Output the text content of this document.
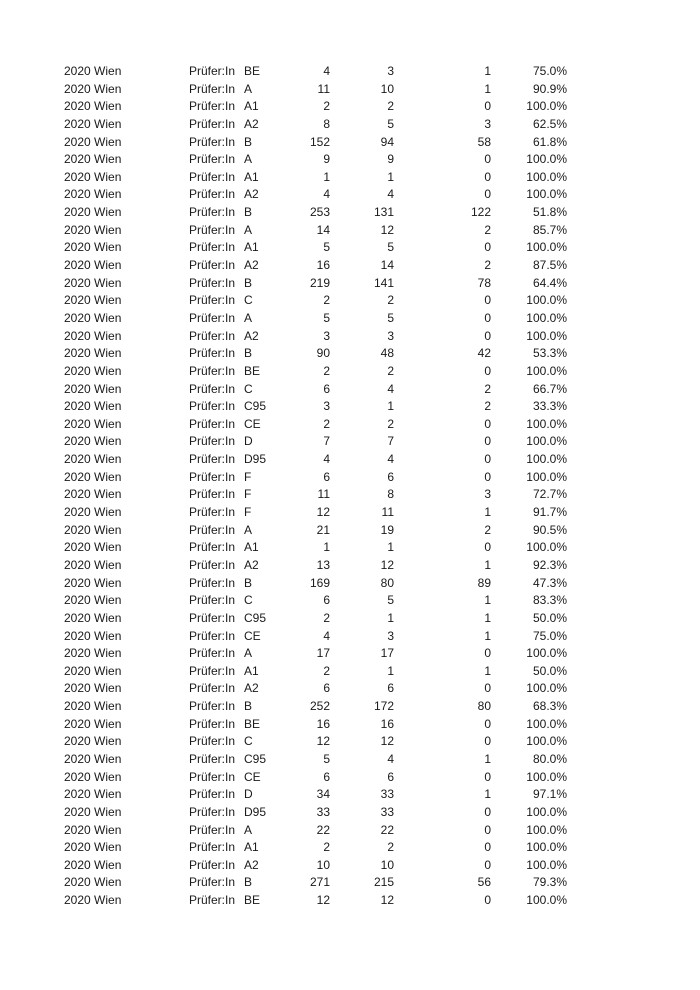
2020 Wien	Prüfer:In BE	4	3	1	75.0%
2020 Wien	Prüfer:In A	11	10	1	90.9%
2020 Wien	Prüfer:In A1	2	2	0	100.0%
2020 Wien	Prüfer:In A2	8	5	3	62.5%
2020 Wien	Prüfer:In B	152	94	58	61.8%
2020 Wien	Prüfer:In A	9	9	0	100.0%
2020 Wien	Prüfer:In A1	1	1	0	100.0%
2020 Wien	Prüfer:In A2	4	4	0	100.0%
2020 Wien	Prüfer:In B	253	131	122	51.8%
2020 Wien	Prüfer:In A	14	12	2	85.7%
2020 Wien	Prüfer:In A1	5	5	0	100.0%
2020 Wien	Prüfer:In A2	16	14	2	87.5%
2020 Wien	Prüfer:In B	219	141	78	64.4%
2020 Wien	Prüfer:In C	2	2	0	100.0%
2020 Wien	Prüfer:In A	5	5	0	100.0%
2020 Wien	Prüfer:In A2	3	3	0	100.0%
2020 Wien	Prüfer:In B	90	48	42	53.3%
2020 Wien	Prüfer:In BE	2	2	0	100.0%
2020 Wien	Prüfer:In C	6	4	2	66.7%
2020 Wien	Prüfer:In C95	3	1	2	33.3%
2020 Wien	Prüfer:In CE	2	2	0	100.0%
2020 Wien	Prüfer:In D	7	7	0	100.0%
2020 Wien	Prüfer:In D95	4	4	0	100.0%
2020 Wien	Prüfer:In F	6	6	0	100.0%
2020 Wien	Prüfer:In F	11	8	3	72.7%
2020 Wien	Prüfer:In F	12	11	1	91.7%
2020 Wien	Prüfer:In A	21	19	2	90.5%
2020 Wien	Prüfer:In A1	1	1	0	100.0%
2020 Wien	Prüfer:In A2	13	12	1	92.3%
2020 Wien	Prüfer:In B	169	80	89	47.3%
2020 Wien	Prüfer:In C	6	5	1	83.3%
2020 Wien	Prüfer:In C95	2	1	1	50.0%
2020 Wien	Prüfer:In CE	4	3	1	75.0%
2020 Wien	Prüfer:In A	17	17	0	100.0%
2020 Wien	Prüfer:In A1	2	1	1	50.0%
2020 Wien	Prüfer:In A2	6	6	0	100.0%
2020 Wien	Prüfer:In B	252	172	80	68.3%
2020 Wien	Prüfer:In BE	16	16	0	100.0%
2020 Wien	Prüfer:In C	12	12	0	100.0%
2020 Wien	Prüfer:In C95	5	4	1	80.0%
2020 Wien	Prüfer:In CE	6	6	0	100.0%
2020 Wien	Prüfer:In D	34	33	1	97.1%
2020 Wien	Prüfer:In D95	33	33	0	100.0%
2020 Wien	Prüfer:In A	22	22	0	100.0%
2020 Wien	Prüfer:In A1	2	2	0	100.0%
2020 Wien	Prüfer:In A2	10	10	0	100.0%
2020 Wien	Prüfer:In B	271	215	56	79.3%
2020 Wien	Prüfer:In BE	12	12	0	100.0%
